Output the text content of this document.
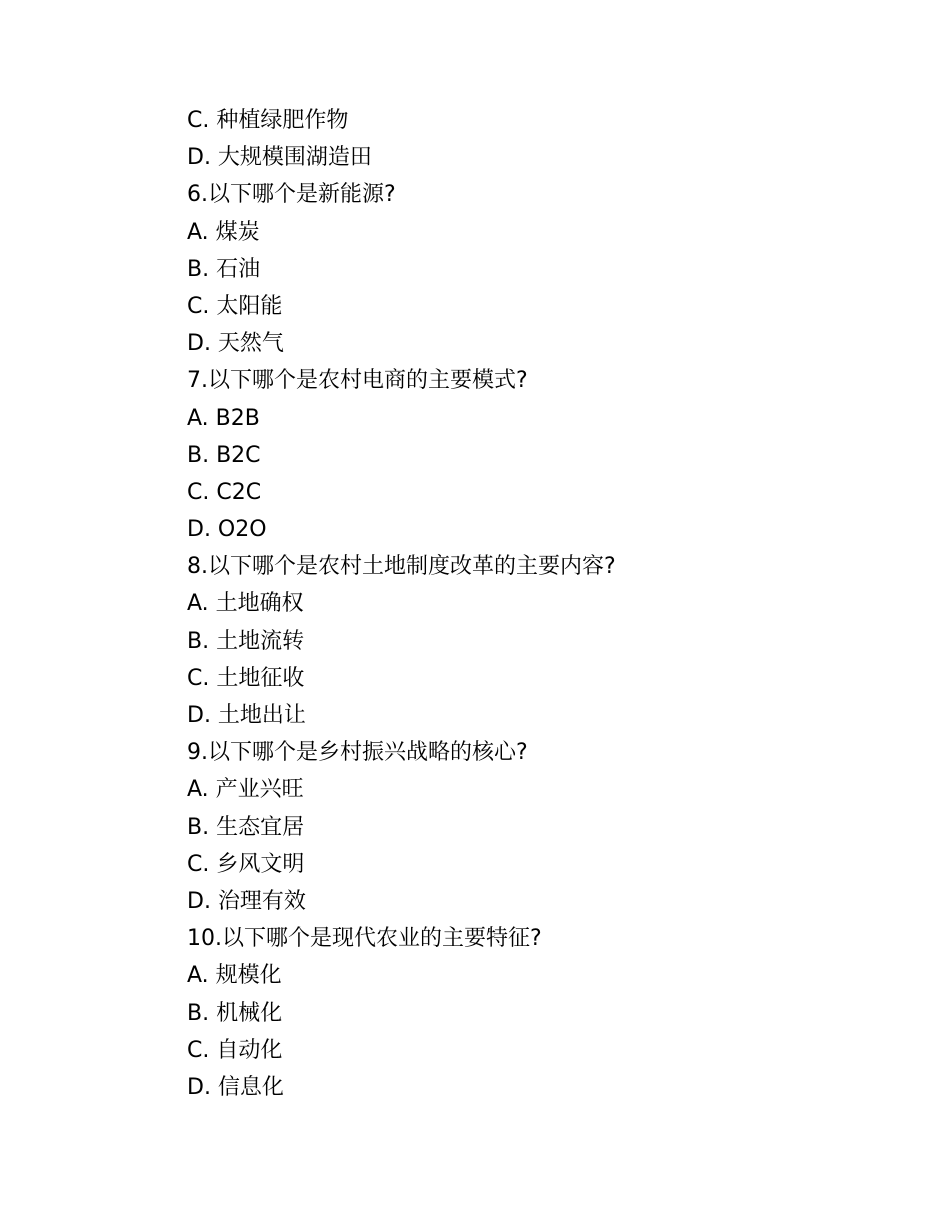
C. 种植绿肥作物
D. 大规模围湖造田
6.以下哪个是新能源?
A. 煤炭
B. 石油
C. 太阳能
D. 天然气
7.以下哪个是农村电商的主要模式?
A. B2B
B. B2C
C. C2C
D. O2O
8.以下哪个是农村土地制度改革的主要内容?
A. 土地确权
B. 土地流转
C. 土地征收
D. 土地出让
9.以下哪个是乡村振兴战略的核心?
A. 产业兴旺
B. 生态宜居
C. 乡风文明
D. 治理有效
10.以下哪个是现代农业的主要特征?
A. 规模化
B. 机械化
C. 自动化
D. 信息化
